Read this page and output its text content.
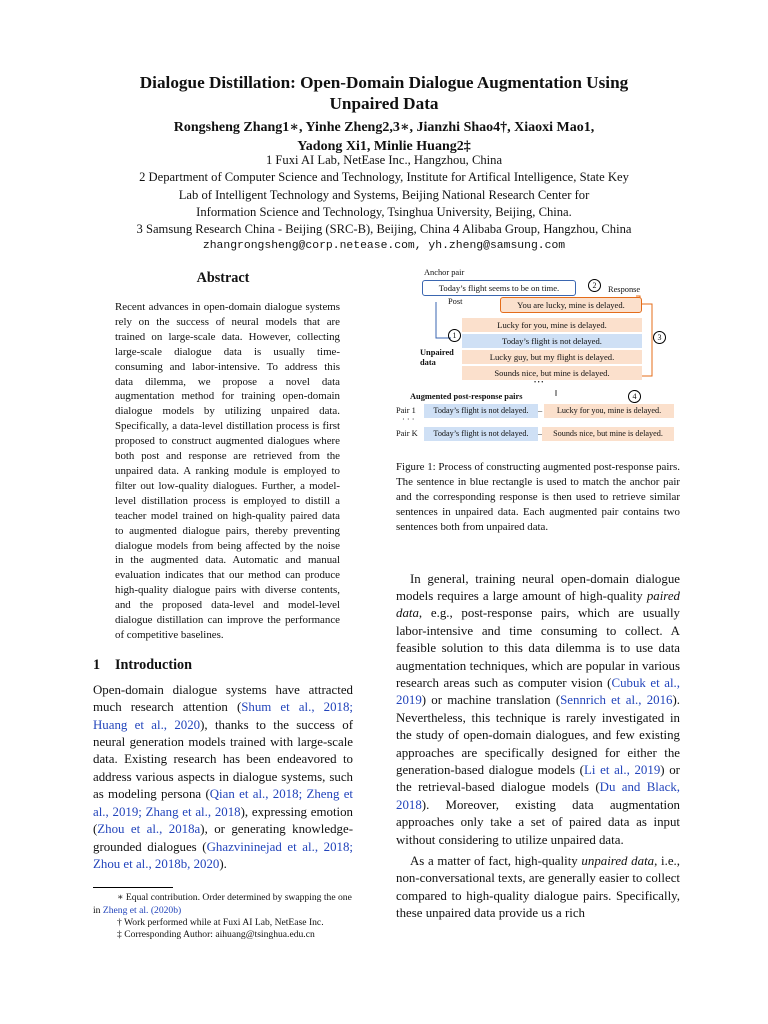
Dialogue Distillation: Open-Domain Dialogue Augmentation Using
Unpaired Data
Rongsheng Zhang1∗, Yinhe Zheng2,3∗, Jianzhi Shao4†, Xiaoxi Mao1,
Yadong Xi1, Minlie Huang2‡
1 Fuxi AI Lab, NetEase Inc., Hangzhou, China
2 Department of Computer Science and Technology, Institute for Artifical Intelligence, State Key
Lab of Intelligent Technology and Systems, Beijing National Research Center for
Information Science and Technology, Tsinghua University, Beijing, China.
3 Samsung Research China - Beijing (SRC-B), Beijing, China 4 Alibaba Group, Hangzhou, China
zhangrongsheng@corp.netease.com, yh.zheng@samsung.com
Abstract

Recent advances in open-domain dialogue systems rely on the success of neural models that are trained on large-scale data. However, collecting large-scale dialogue data is usually time-consuming and labor-intensive. To address this data dilemma, we propose a novel data augmentation method for training open-domain dialogue models by utilizing unpaired data. Specifically, a data-level distillation process is first proposed to construct augmented dialogues where both post and response are retrieved from the unpaired data. A ranking module is employed to filter out low-quality dialogues. Further, a model-level distillation process is employed to distill a teacher model trained on high-quality paired data to augmented dialogue pairs, thereby preventing dialogue models from being affected by the noise in the augmented data. Automatic and manual evaluation indicates that our method can produce high-quality dialogue pairs with diverse contents, and the proposed data-level and model-level dialogue distillation can improve the performance of competitive baselines.

1 Introduction

Open-domain dialogue systems have attracted much research attention (Shum et al., 2018; Huang et al., 2020), thanks to the success of neural generation models trained with large-scale data. Existing research has been endeavored to address various aspects in dialogue systems, such as modeling persona (Qian et al., 2018; Zheng et al., 2019; Zhang et al., 2018), expressing emotion (Zhou et al., 2018a), or generating knowledge-grounded dialogues (Ghazvininejad et al., 2018; Zhou et al., 2018b, 2020).

∗ Equal contribution. Order determined by swapping the one in Zheng et al. (2020b)

† Work performed while at Fuxi AI Lab, NetEase Inc.

‡ Corresponding Author: aihuang@tsinghua.edu.cn

Anchor pair
Today’s flight seems to be on time.	2	Response
Post	You are lucky, mine is delayed.
1	3
Lucky for you, mine is delayed.
Today’s flight is not delayed.
Lucky guy, but my flight is delayed.
Sounds nice, but mine is delayed.
Unpaired
data
• • •
Augmented post-response pairs	4
Pair 1	Today’s flight is not delayed.	–	Lucky for you, mine is delayed.
· · ·
Pair K	Today’s flight is not delayed.	–	Sounds nice, but mine is delayed.

Figure 1: Process of constructing augmented post-response pairs. The sentence in blue rectangle is used to match the anchor pair and the corresponding response is then used to retrieve similar sentences in unpaired data. Each augmented pair contains two sentences both from unpaired data.

In general, training neural open-domain dialogue models requires a large amount of high-quality paired data, e.g., post-response pairs, which are usually labor-intensive and time consuming to collect. A feasible solution to this data dilemma is to use data augmentation techniques, which are popular in various research areas such as computer vision (Cubuk et al., 2019) or machine translation (Sennrich et al., 2016). Nevertheless, this technique is rarely investigated in the study of open-domain dialogues, and few existing approaches are specifically designed for either the generation-based dialogue models (Li et al., 2019) or the retrieval-based dialogue models (Du and Black, 2018). Moreover, existing data augmentation approaches only take a set of paired data as input without considering to utilize unpaired data.

As a matter of fact, high-quality unpaired data, i.e., non-conversational texts, are generally easier to collect compared to high-quality dialogue pairs. Specifically, these unpaired data provide us a rich
